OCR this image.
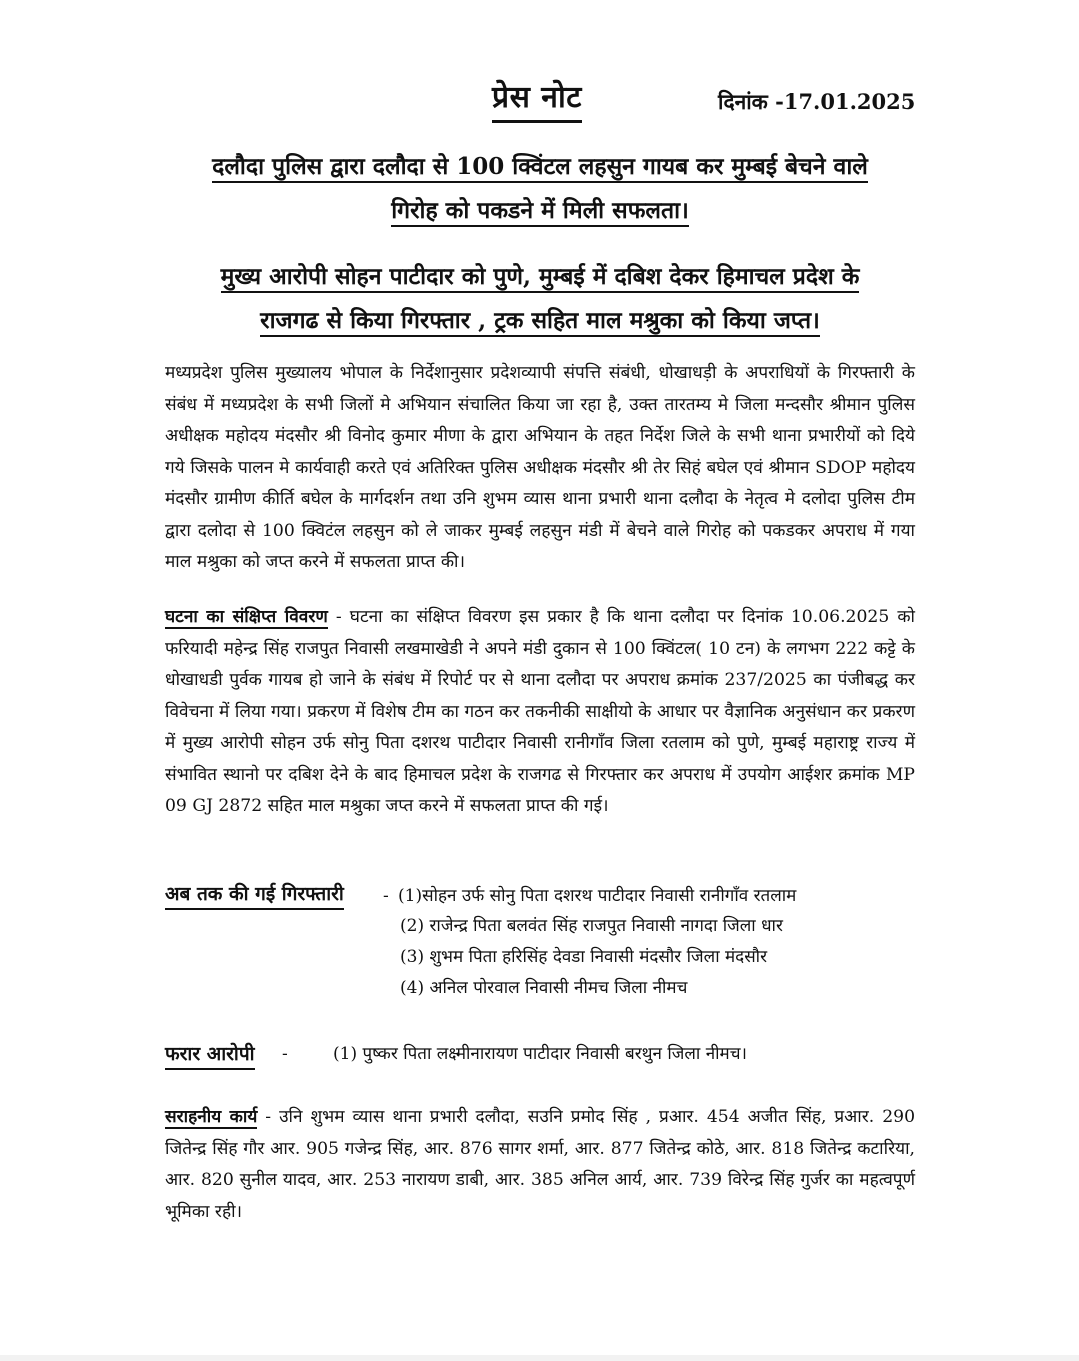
प्रेस नोट	दिनांक -17.01.2025
दलौदा पुलिस द्वारा दलौदा से 100 क्विंटल लहसुन गायब कर मुम्बई बेचने वाले
गिरोह को पकडने में मिली सफलता।
मुख्य आरोपी सोहन पाटीदार को पुणे, मुम्बई में दबिश देकर हिमाचल प्रदेश के
राजगढ से किया गिरफ्तार , ट्रक सहित माल मश्रुका को किया जप्त।
मध्यप्रदेश पुलिस मुख्यालय भोपाल के निर्देशानुसार प्रदेशव्यापी संपत्ति संबंधी, धोखाधड़ी के अपराधियों के गिरफ्तारी के संबंध में मध्यप्रदेश के सभी जिलों मे अभियान संचालित किया जा रहा है, उक्त तारतम्य मे जिला मन्दसौर श्रीमान पुलिस अधीक्षक महोदय मंदसौर श्री विनोद कुमार मीणा के द्वारा अभियान के तहत निर्देश जिले के सभी थाना प्रभारीयों को दिये गये जिसके पालन मे कार्यवाही करते एवं अतिरिक्त पुलिस अधीक्षक मंदसौर श्री तेर सिहं बघेल एवं श्रीमान SDOP महोदय मंदसौर ग्रामीण कीर्ति बघेल के मार्गदर्शन तथा उनि शुभम व्यास थाना प्रभारी थाना दलौदा के नेतृत्व मे दलोदा पुलिस टीम द्वारा दलोदा से 100 क्विटंल लहसुन को ले जाकर मुम्बई लहसुन मंडी में बेचने वाले गिरोह को पकडकर अपराध में गया माल मश्रुका को जप्त करने में सफलता प्राप्त की।
घटना का संक्षिप्त विवरण - घटना का संक्षिप्त विवरण इस प्रकार है कि थाना दलौदा पर दिनांक 10.06.2025 को फरियादी महेन्द्र सिंह राजपुत निवासी लखमाखेडी ने अपने मंडी दुकान से 100 क्विंटल( 10 टन) के लगभग 222 कट्टे के धोखाधडी पुर्वक गायब हो जाने के संबंध में रिपोर्ट पर से थाना दलौदा पर अपराध क्रमांक 237/2025 का पंजीबद्ध कर विवेचना में लिया गया। प्रकरण में विशेष टीम का गठन कर तकनीकी साक्षीयो के आधार पर वैज्ञानिक अनुसंधान कर प्रकरण में मुख्य आरोपी सोहन उर्फ सोनु पिता दशरथ पाटीदार निवासी रानीगाँव जिला रतलाम को पुणे, मुम्बई महाराष्ट्र राज्य में संभावित स्थानो पर दबिश देने के बाद हिमाचल प्रदेश के राजगढ से गिरफ्तार कर अपराध में उपयोग आईशर क्रमांक MP 09 GJ 2872 सहित माल मश्रुका जप्त करने में सफलता प्राप्त की गई।
अब तक की गई गिरफ्तारी - (1)सोहन उर्फ सोनु पिता दशरथ पाटीदार निवासी रानीगाँव रतलाम
(2) राजेन्द्र पिता बलवंत सिंह राजपुत निवासी नागदा जिला धार
(3) शुभम पिता हरिसिंह देवडा निवासी मंदसौर जिला मंदसौर
(4) अनिल पोरवाल निवासी नीमच जिला नीमच
फरार आरोपी -	(1) पुष्कर पिता लक्ष्मीनारायण पाटीदार निवासी बरथुन जिला नीमच।
सराहनीय कार्य - उनि शुभम व्यास थाना प्रभारी दलौदा, सउनि प्रमोद सिंह , प्रआर. 454 अजीत सिंह, प्रआर. 290 जितेन्द्र सिंह गौर आर. 905 गजेन्द्र सिंह, आर. 876 सागर शर्मा, आर. 877 जितेन्द्र कोठे, आर. 818 जितेन्द्र कटारिया, आर. 820 सुनील यादव, आर. 253 नारायण डाबी, आर. 385 अनिल आर्य, आर. 739 विरेन्द्र सिंह गुर्जर का महत्वपूर्ण भूमिका रही।
